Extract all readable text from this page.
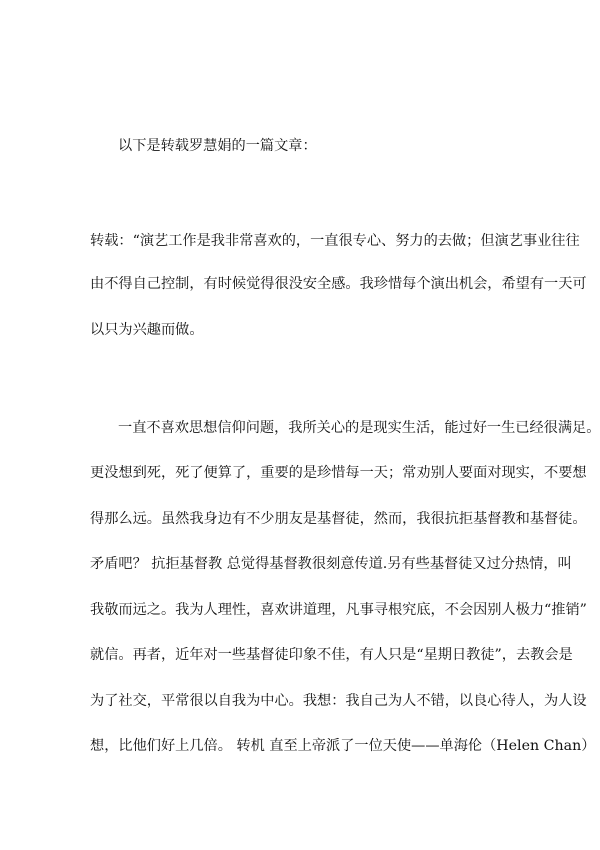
以下是转载罗慧娟的一篇文章：
转载：“演艺工作是我非常喜欢的，一直很专心、努力的去做；但演艺事业往往
由不得自己控制，有时候觉得很没安全感。我珍惜每个演出机会，希望有一天可
以只为兴趣而做。
一直不喜欢思想信仰问题，我所关心的是现实生活，能过好一生已经很满足。
更没想到死，死了便算了，重要的是珍惜每一天；常劝别人要面对现实，不要想
得那么远。虽然我身边有不少朋友是基督徒，然而，我很抗拒基督教和基督徒。
矛盾吧？ 抗拒基督教 总觉得基督教很刻意传道.另有些基督徒又过分热情，叫
我敬而远之。我为人理性，喜欢讲道理，凡事寻根究底，不会因别人极力“推销”
就信。再者，近年对一些基督徒印象不佳，有人只是“星期日教徒”，去教会是
为了社交，平常很以自我为中心。我想：我自己为人不错，以良心待人，为人设
想，比他们好上几倍。 转机 直至上帝派了一位天使——单海伦（Helen Chan）
